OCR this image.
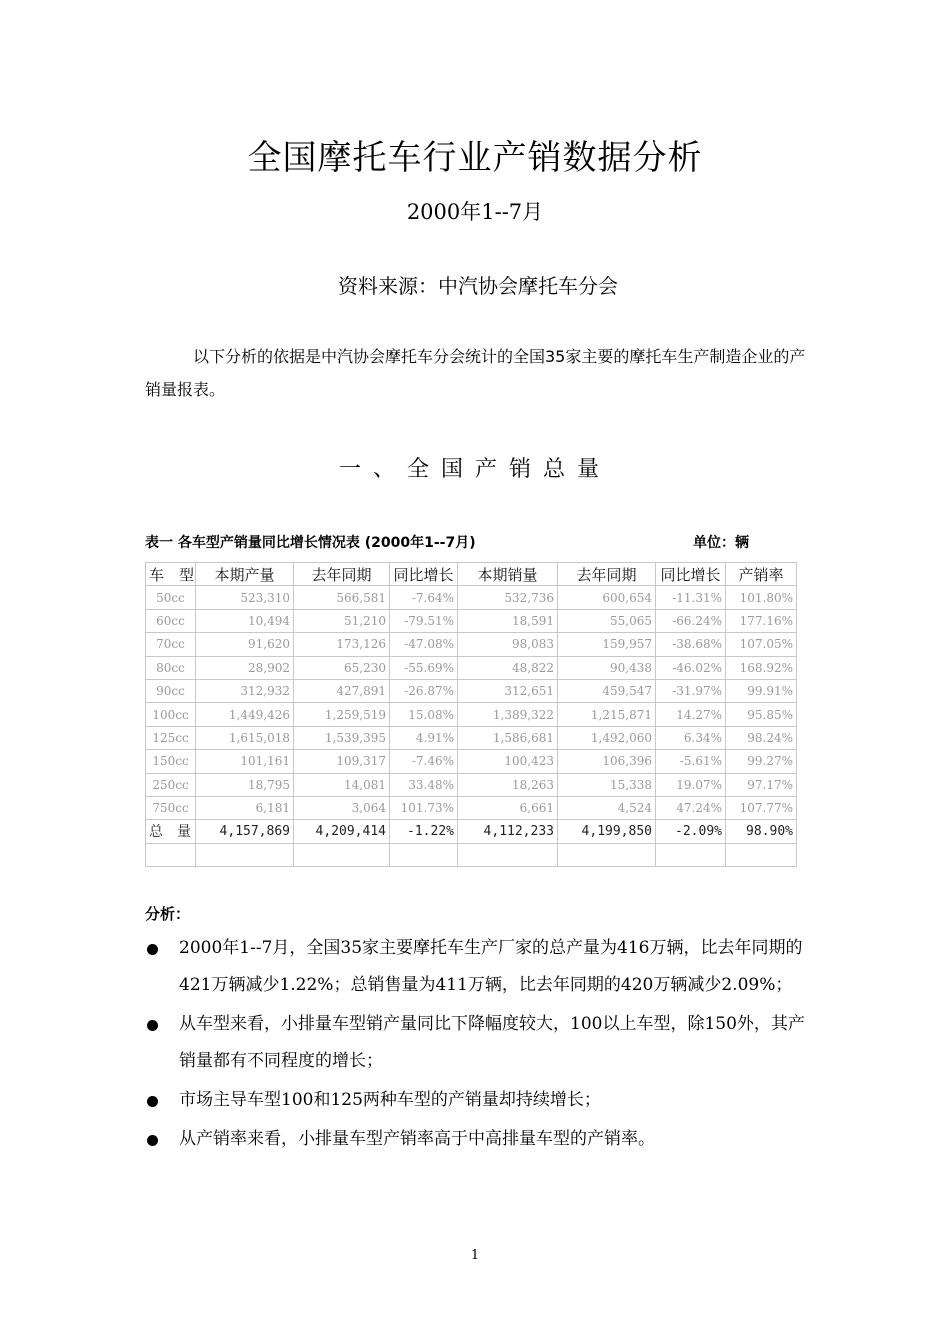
全国摩托车行业产销数据分析
2000年1--7月
资料来源：中汽协会摩托车分会
以下分析的依据是中汽协会摩托车分会统计的全国35家主要的摩托车生产制造企业的产销量报表。
一、全国产销总量
表一 各车型产销量同比增长情况表 (2000年1--7月)	单位：辆
车　型	本期产量	去年同期	同比增长	本期销量	去年同期	同比增长	产销率
50cc	523,310	566,581	-7.64%	532,736	600,654	-11.31%	101.80%
60cc	10,494	51,210	-79.51%	18,591	55,065	-66.24%	177.16%
70cc	91,620	173,126	-47.08%	98,083	159,957	-38.68%	107.05%
80cc	28,902	65,230	-55.69%	48,822	90,438	-46.02%	168.92%
90cc	312,932	427,891	-26.87%	312,651	459,547	-31.97%	99.91%
100cc	1,449,426	1,259,519	15.08%	1,389,322	1,215,871	14.27%	95.85%
125cc	1,615,018	1,539,395	4.91%	1,586,681	1,492,060	6.34%	98.24%
150cc	101,161	109,317	-7.46%	100,423	106,396	-5.61%	99.27%
250cc	18,795	14,081	33.48%	18,263	15,338	19.07%	97.17%
750cc	6,181	3,064	101.73%	6,661	4,524	47.24%	107.77%
总　量	4,157,869	4,209,414	-1.22%	4,112,233	4,199,850	-2.09%	98.90%

分析：
2000年1--7月，全国35家主要摩托车生产厂家的总产量为416万辆，比去年同期的421万辆减少1.22%；总销售量为411万辆，比去年同期的420万辆减少2.09%；
从车型来看，小排量车型销产量同比下降幅度较大，100以上车型，除150外，其产销量都有不同程度的增长；
市场主导车型100和125两种车型的产销量却持续增长；
从产销率来看，小排量车型产销率高于中高排量车型的产销率。
1
